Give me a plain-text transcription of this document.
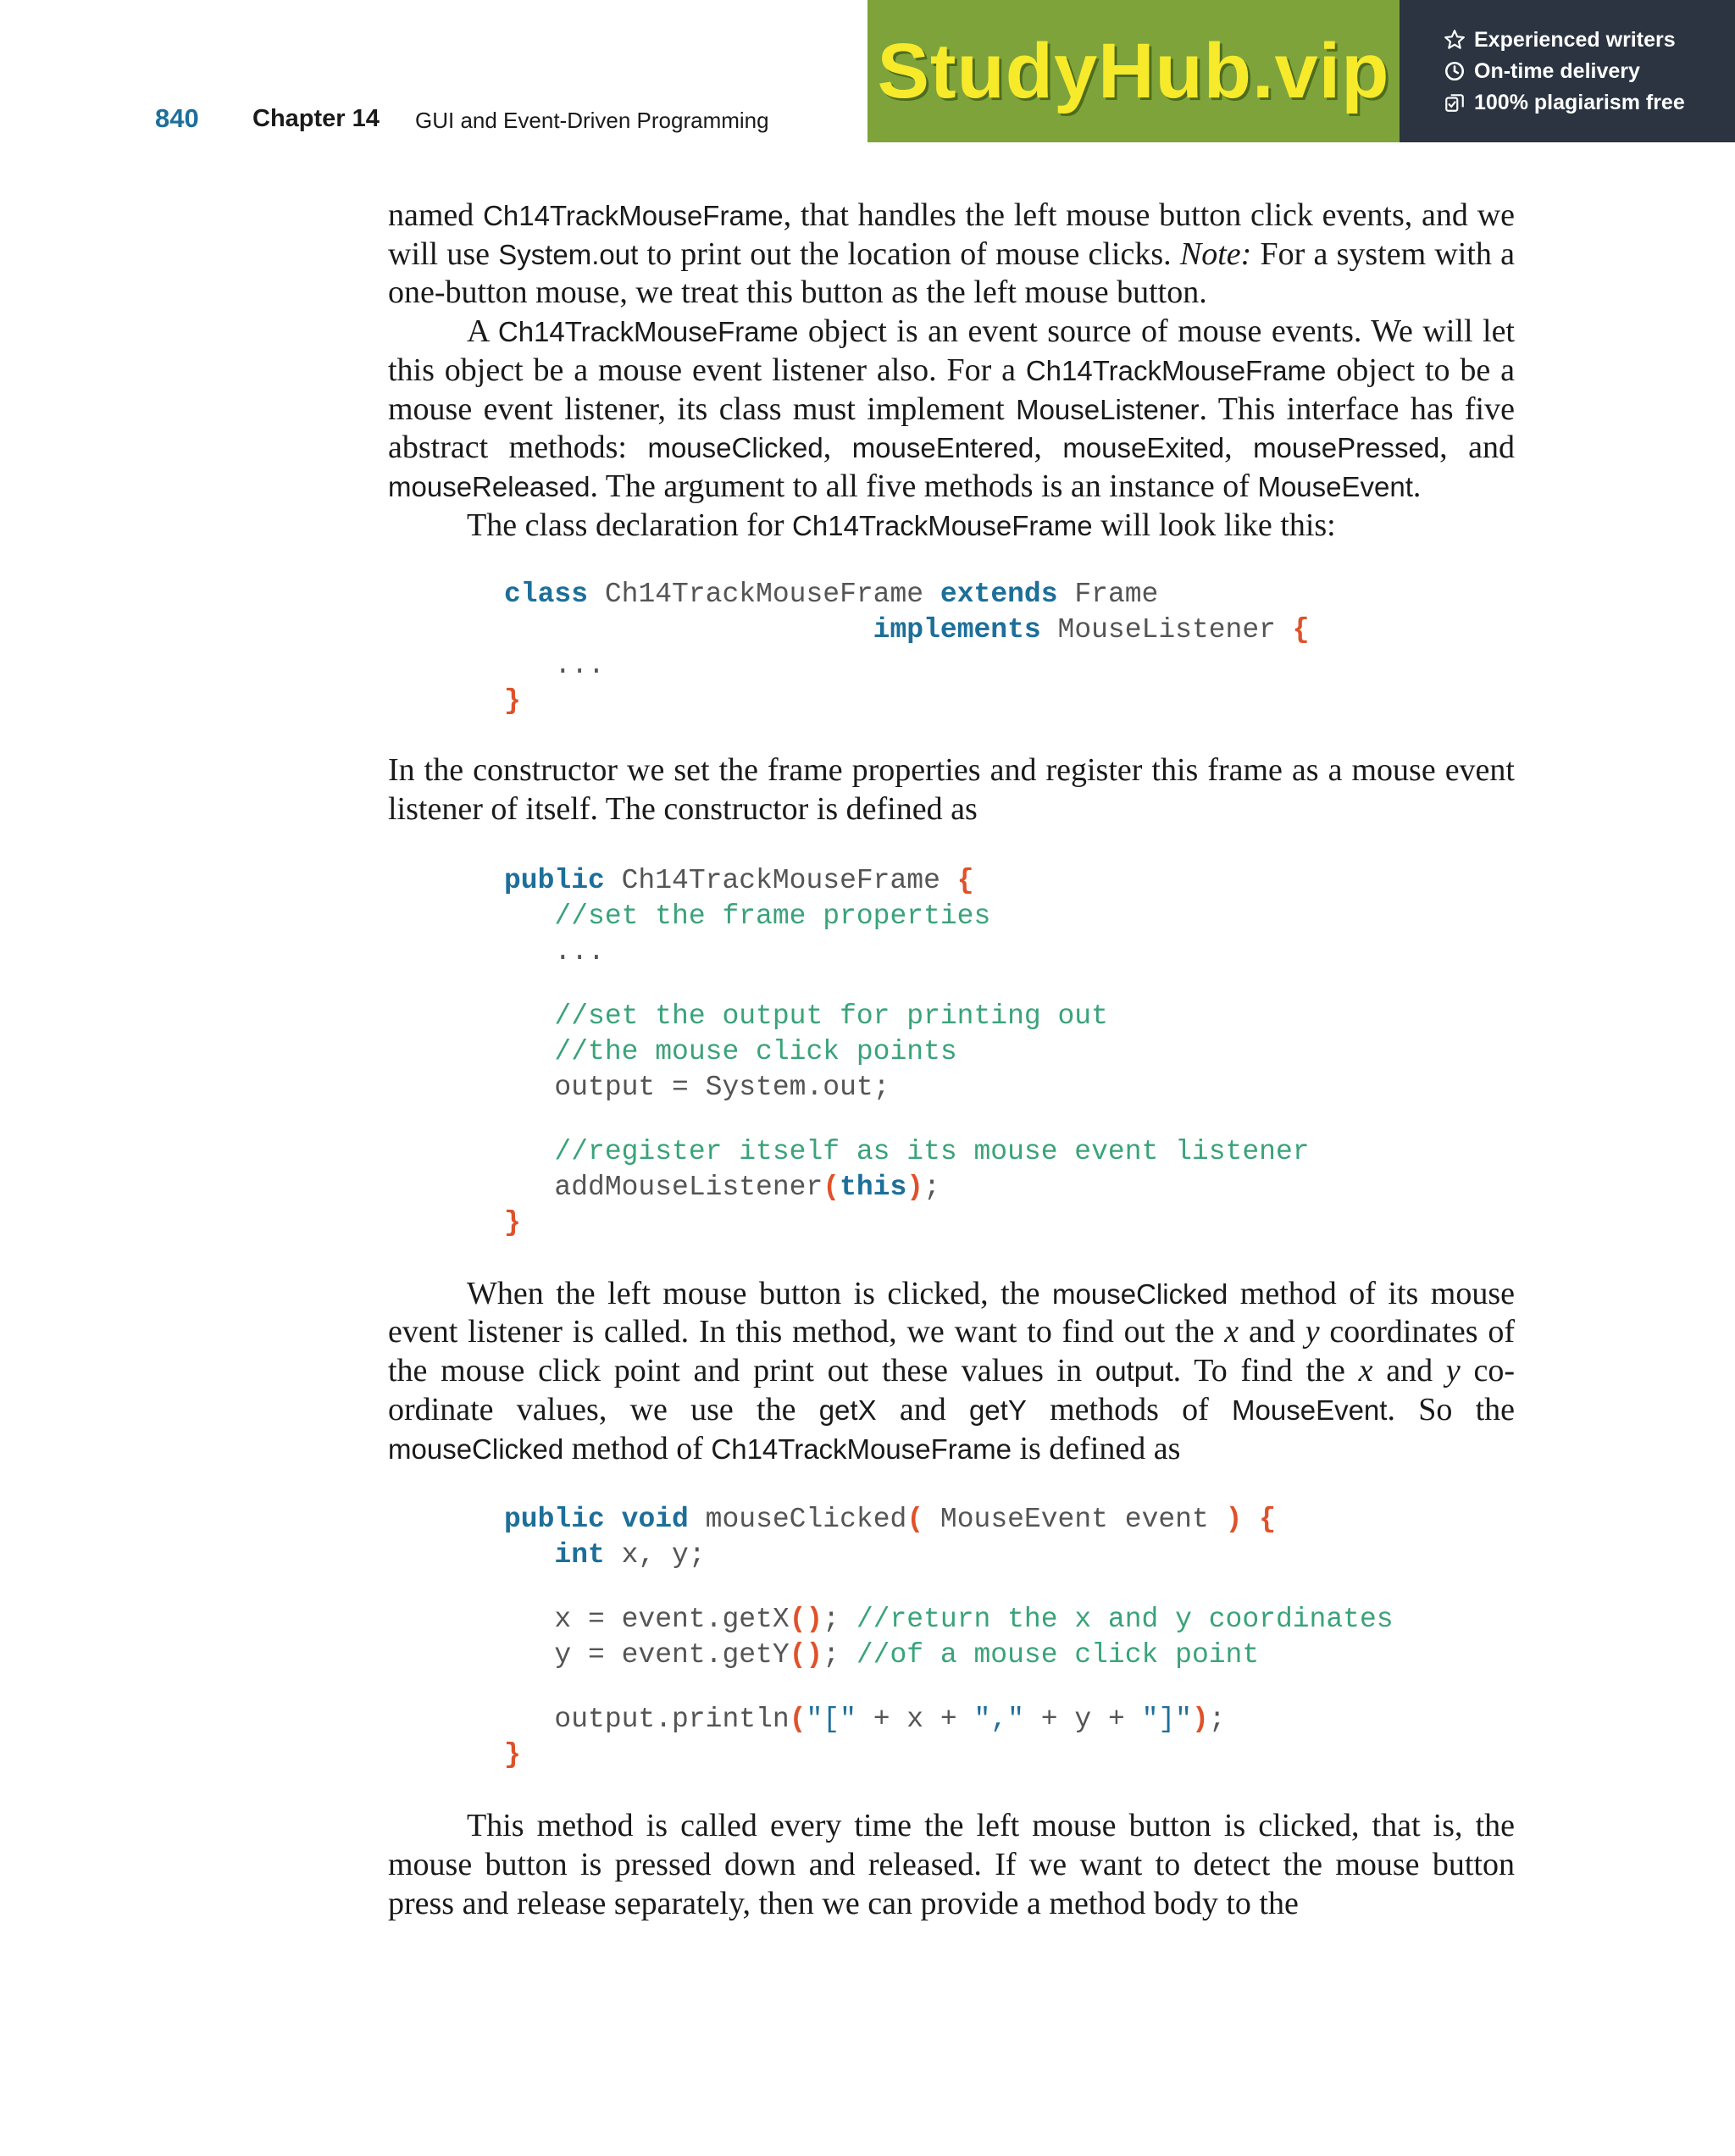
840 Chapter 14 GUI and Event-Driven Programming
StudyHub.vip	Experienced writers
On-time delivery
100% plagiarism free

named Ch14TrackMouseFrame, that handles the left mouse button click events, and we will use System.out to print out the location of mouse clicks. Note: For a system with a one-button mouse, we treat this button as the left mouse button.

A Ch14TrackMouseFrame object is an event source of mouse events. We will let this object be a mouse event listener also. For a Ch14TrackMouseFrame object to be a mouse event listener, its class must implement MouseListener. This interface has five abstract methods: mouseClicked, mouseEntered, mouseExited, mousePressed, and mouseReleased. The argument to all five methods is an instance of MouseEvent.

The class declaration for Ch14TrackMouseFrame will look like this:

class Ch14TrackMouseFrame extends Frame
implements MouseListener {
...
}

In the constructor we set the frame properties and register this frame as a mouse event listener of itself. The constructor is defined as

public Ch14TrackMouseFrame {
//set the frame properties
...
//set the output for printing out
//the mouse click points
output = System.out;
//register itself as its mouse event listener
addMouseListener(this);
}

When the left mouse button is clicked, the mouseClicked method of its mouse event listener is called. In this method, we want to find out the x and y coordinates of the mouse click point and print out these values in output. To find the x and y coordinate values, we use the getX and getY methods of MouseEvent. So the mouseClicked method of Ch14TrackMouseFrame is defined as

public void mouseClicked( MouseEvent event ) {
int x, y;
x = event.getX(); //return the x and y coordinates
y = event.getY(); //of a mouse click point
output.println("[" + x + "," + y + "]");
}

This method is called every time the left mouse button is clicked, that is, the mouse button is pressed down and released. If we want to detect the mouse button press and release separately, then we can provide a method body to the
